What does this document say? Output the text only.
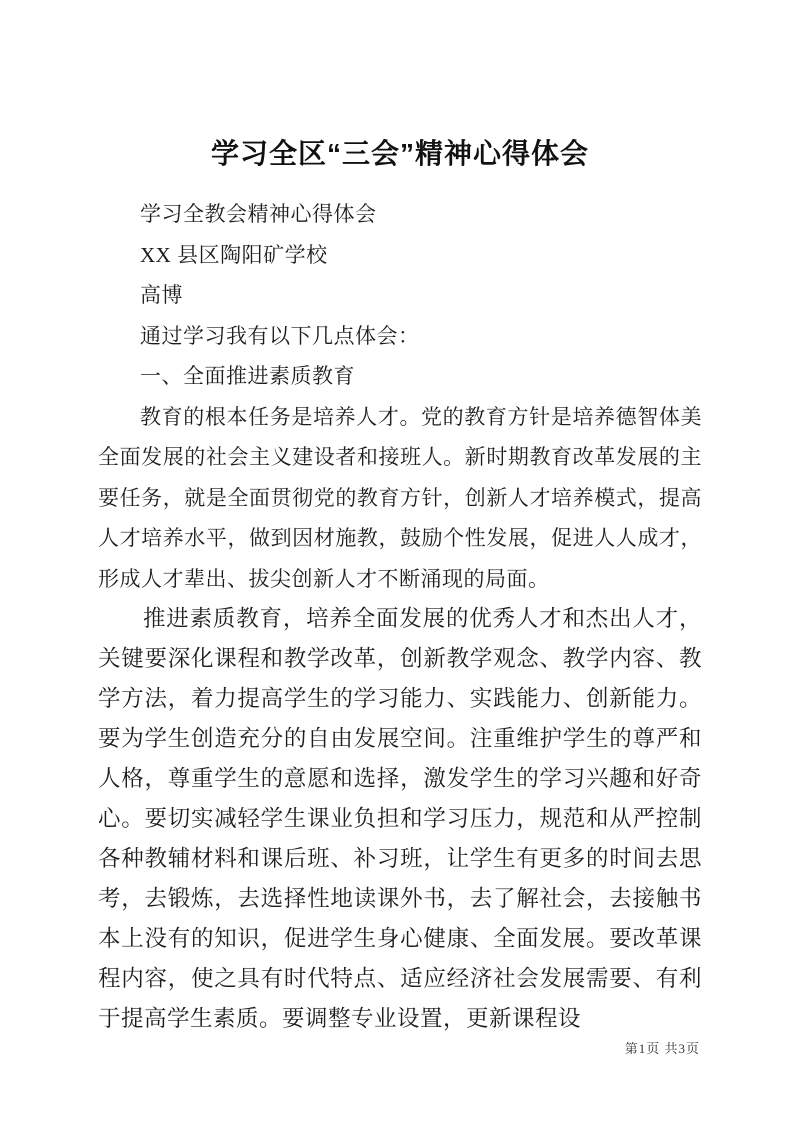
学习全区“三会”精神心得体会

学习全教会精神心得体会

XX 县区陶阳矿学校

高博

通过学习我有以下几点体会：

一、全面推进素质教育

教育的根本任务是培养人才。党的教育方针是培养德智体美全面发展的社会主义建设者和接班人。新时期教育改革发展的主要任务，就是全面贯彻党的教育方针，创新人才培养模式，提高人才培养水平，做到因材施教，鼓励个性发展，促进人人成才，形成人才辈出、拔尖创新人才不断涌现的局面。

推进素质教育，培养全面发展的优秀人才和杰出人才，关键要深化课程和教学改革，创新教学观念、教学内容、教学方法，着力提高学生的学习能力、实践能力、创新能力。要为学生创造充分的自由发展空间。注重维护学生的尊严和人格，尊重学生的意愿和选择，激发学生的学习兴趣和好奇心。要切实减轻学生课业负担和学习压力，规范和从严控制各种教辅材料和课后班、补习班，让学生有更多的时间去思考，去锻炼，去选择性地读课外书，去了解社会，去接触书本上没有的知识，促进学生身心健康、全面发展。要改革课程内容，使之具有时代特点、适应经济社会发展需要、有利于提高学生素质。要调整专业设置，更新课程设

第1页 共3页
